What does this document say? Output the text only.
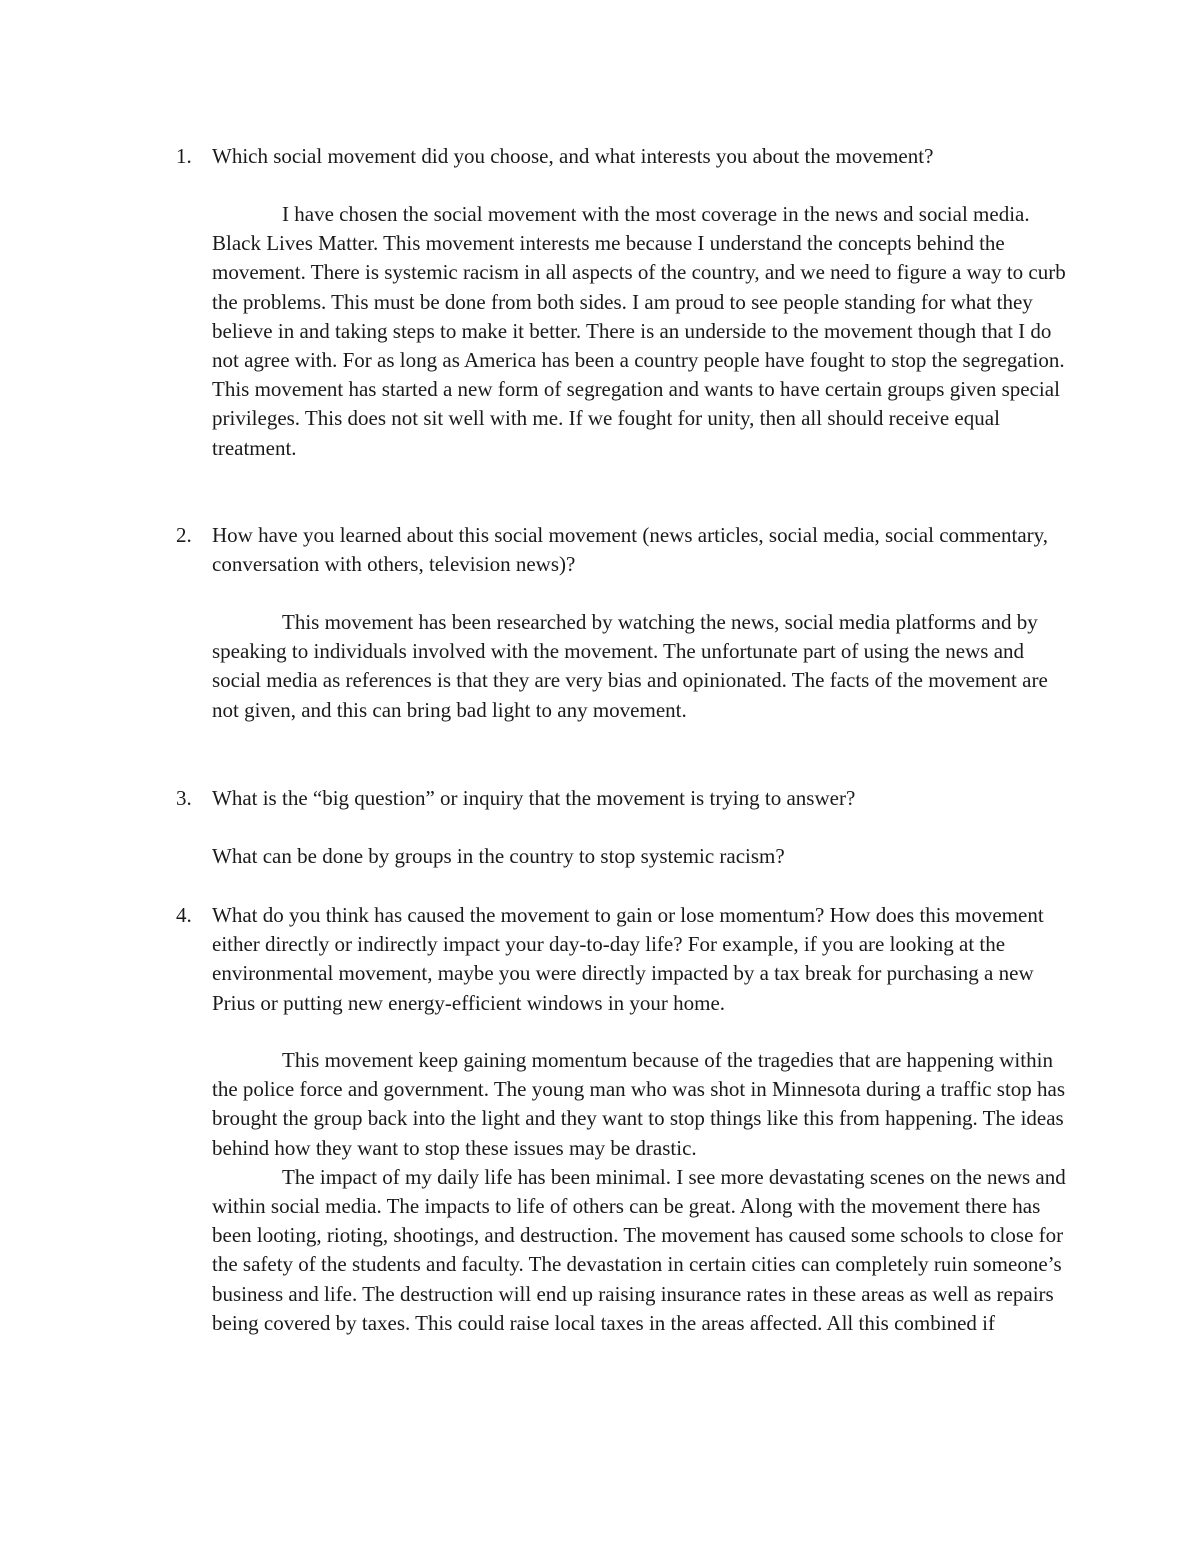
1. Which social movement did you choose, and what interests you about the movement?

I have chosen the social movement with the most coverage in the news and social media. Black Lives Matter. This movement interests me because I understand the concepts behind the movement. There is systemic racism in all aspects of the country, and we need to figure a way to curb the problems. This must be done from both sides. I am proud to see people standing for what they believe in and taking steps to make it better. There is an underside to the movement though that I do not agree with. For as long as America has been a country people have fought to stop the segregation. This movement has started a new form of segregation and wants to have certain groups given special privileges. This does not sit well with me. If we fought for unity, then all should receive equal treatment.

2. How have you learned about this social movement (news articles, social media, social commentary, conversation with others, television news)?

This movement has been researched by watching the news, social media platforms and by speaking to individuals involved with the movement. The unfortunate part of using the news and social media as references is that they are very bias and opinionated. The facts of the movement are not given, and this can bring bad light to any movement.

3. What is the “big question” or inquiry that the movement is trying to answer?

What can be done by groups in the country to stop systemic racism?

4. What do you think has caused the movement to gain or lose momentum? How does this movement either directly or indirectly impact your day-to-day life? For example, if you are looking at the environmental movement, maybe you were directly impacted by a tax break for purchasing a new Prius or putting new energy-efficient windows in your home.

This movement keep gaining momentum because of the tragedies that are happening within the police force and government. The young man who was shot in Minnesota during a traffic stop has brought the group back into the light and they want to stop things like this from happening. The ideas behind how they want to stop these issues may be drastic.

The impact of my daily life has been minimal. I see more devastating scenes on the news and within social media. The impacts to life of others can be great. Along with the movement there has been looting, rioting, shootings, and destruction. The movement has caused some schools to close for the safety of the students and faculty. The devastation in certain cities can completely ruin someone’s business and life. The destruction will end up raising insurance rates in these areas as well as repairs being covered by taxes. This could raise local taxes in the areas affected. All this combined if
